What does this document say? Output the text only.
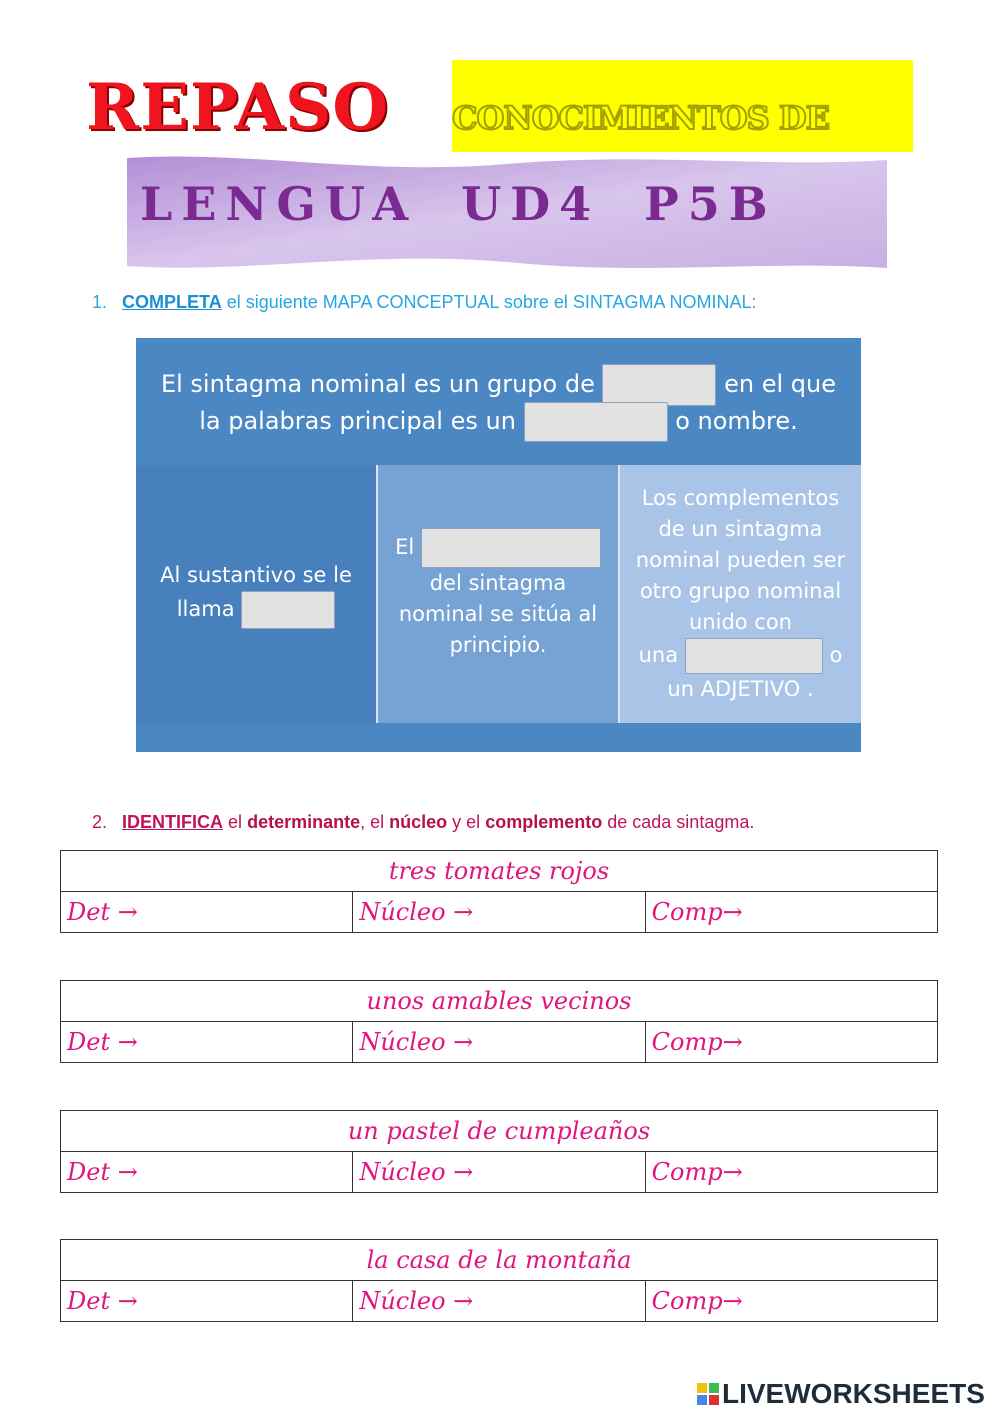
REPASO CONOCIMIENTOS DE
LENGUA UD4 P5B
1. COMPLETA el siguiente MAPA CONCEPTUAL sobre el SINTAGMA NOMINAL:
El sintagma nominal es un grupo de	en el que
la palabras principal es un	o nombre.
Al sustantivo se le
llama
El
del sintagma nominal se sitúa al principio.
Los complementos de un sintagma nominal pueden ser otro grupo nominal unido con
una	o
un ADJETIVO .
2. IDENTIFICA el determinante, el núcleo y el complemento de cada sintagma.
tres tomates rojos
Det →	Núcleo →	Comp→
unos amables vecinos
Det →	Núcleo →	Comp→
un pastel de cumpleaños
Det →	Núcleo →	Comp→
la casa de la montaña
Det →	Núcleo →	Comp→
LIVEWORKSHEETS
